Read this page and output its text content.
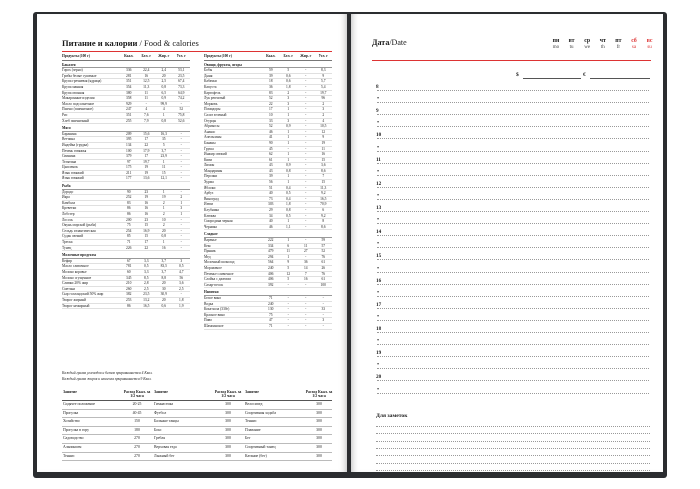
Питание и калории / Food & calories
Продукты (100 г)	Ккал.	Бел. г	Жир. г	Угл. г
Бакалея
Горох (зерно)	336	22,4	2,4	53,1
Грибы белые сушеные	281	16	20	23,5
Крупа гречневая (ядрица)	351	12,5	2,5	67,4
Крупа манная	354	11,3	0,8	73,3
Крупа овсяная	380	11	6,5	64,9
Макаронные изделия	358	11	0,9	74,2
Масло подсолнечное	929	-	99,9	-
Пшено (пшеничное)	247	4	4	52
Рис	351	7,6	1	75,8
Хлеб пшеничный	255	7,9	0,8	52,6
Мясо
Баранина	209	15,6	16,3	-
Ветчина	395	17	35	-
Индейка (грудка)	134	22	5	-
Печень говяжья	100	17,9	3,7	-
Свинина	379	17	23,9	-
Телятина	97	19,7	1	-
Цыпленок	175	19	11	-
Язык говяжий	211	19	15	-
Язык говяжий	177	13,6	12,1	-
Рыба
Дорадо	90	23	1	-
Икра	252	19	19	2
Камбала	83	16	2	1
Креветки	86	16	1	3
Лобстер	86	16	2	1
Лосось	200	23	10	-
Окунь морской (рыба)	75	15	2	-
Сельдь атлантическая	254	16,9	20	-
Судак свежий	85	15	0,8	-
Треска	71	17	1	-
Тунец	226	22	16	-
Молочные продукты
Кефир	67	3,3	3,7	3
Масло сливочное	781	0,5	83,5	0,5
Молоко коровье	60	3,3	3,7	4,7
Молоко сгущенное	345	8,5	8,8	56
Сливки 20% жир	210	2,8	20	3,6
Сметана	260	2,5	30	2,5
Сыр голландский 50% жир	382	23,5	30,9	-
Творог жирный	253	13,2	20	1,8
Творог нежирный	86	16,5	0,6	1,9
Продукты (100 г)	Ккал.	Бел. г	Жир. г	Угл. г
Овощи, фрукты, ягоды
Бобы	59	5	-	8,3
Дыня	39	0,6	-	9
Кабачки	18	0,6	-	5,7
Капуста	36	1,8	-	5,4
Картофель	83	2	-	19,7
Лук репчатый	52	3	-	96
Морковь	22	3	-	2
Помидоры	17	1	-	3
Салат зеленый	10	1	-	2
Огурцы	33	3	-	4
Абрикосы	52	0,9	-	10,5
Ананас	46	1	-	12
Апельсины	41	1	-	9
Бананы	90	1	-	19
Груша	45	-	-	11
Инжир свежий	62	1	-	16
Киви	61	1	-	15
Лимон	43	0,9	-	3,6
Мандарины	43	0,8	-	8,6
Персики	39	1	-	7
Хурма	56	1	-	15
Яблоки	51	0,4	-	11,3
Арбуз	40	0,5	-	9,2
Виноград	73	0,4	-	16,5
Изюм	303	1,8	-	70,9
Клубника	29	0,8	-	6
Клюква	34	0,5	-	9,2
Смородина черная	40	1	-	8
Черника	46	1,1	-	8,6
Сладкое
Варенье	222	1	-	59
Кекс	334	6	11	57
Пряник	479	11	27	52
Мед	294	1	-	76
Молочный шоколад	564	9	36	61
Мороженое	240	5	14	26
Печенье сливочное	406	12	7	76
Слойка с джемом	406	5	16	61
Сахар-песок	392	-	-	100
Напитки
Белое вино	71	-	-	-
Водка	240	-	-	-
Кока-кола (330г)	130	-	-	33
Красное вино	75	-	-	-
Пиво	47	-	-	3
Шампанское	71	-	-	-
Каждый грамм углеводов и белков приравнивается 4 Ккал.
Каждый грамм жиров и алкоголя приравнивается 9 Ккал.
Занятие	Расход Ккал. за 1/2 часа
Занятие	Расход Ккал. за 1/2 часа
Занятие	Расход Ккал. за 1/2 часа
Сидячее положение	20-25	Гимнастика	300	Велосипед	300
Прогулка	40-45	Футбол	300	Спортивная ходьба	300
Хозяйство	150	Бальные танцы	300	Теннис	300
Прогулка в гору	180	Бокс	300	Плавание	300
Садоводство	270	Гребля	300	Бег	300
Альпинизм	270	Верховая езда	300	Спортивный танец	300
Теннис	270	Лыжный бег	300	Катание (бег)	300
Дата/Date	пн
mo
вт
tu
ср
we
чт
th
пт
fr
сб
sa
вс
su
$	€
8
•
9
•
10
•
11
•
12
•
13
•
14
•
15
•
16
•
17
•
18
•
19
•
20
•
Для заметок
